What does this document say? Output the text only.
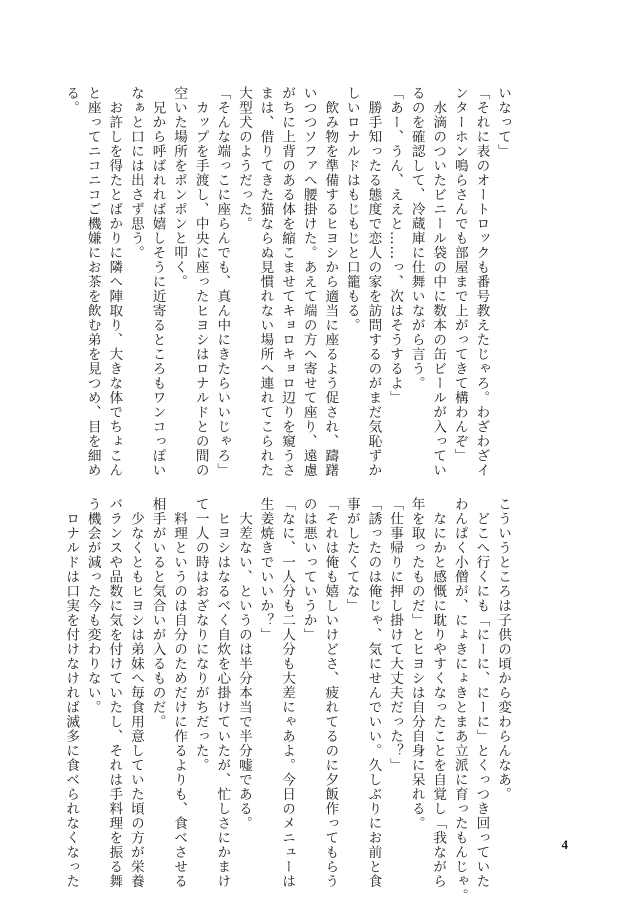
いなって」
「それに表のオートロックも番号教えたじゃろ。わざわざイ
ンターホン鳴らさんでも部屋まで上がってきて構わんぞ」
　水滴のついたビニール袋の中に数本の缶ビールが入ってい
るのを確認して、冷蔵庫に仕舞いながら言う。
「あー、うん、ええと……っ、次はそうするよ」
　勝手知ったる態度で恋人の家を訪問するのがまだ気恥ずか
しいロナルドはもじもじと口籠もる。
　飲み物を準備するヒヨシから適当に座るよう促され、躊躇
いつつソファへ腰掛けた。あえて端の方へ寄せて座り、遠慮
がちに上背のある体を縮こませてキョロキョロ辺りを窺うさ
まは、借りてきた猫ならぬ見慣れない場所へ連れてこられた
大型犬のようだった。
「そんな端っこに座らんでも、真ん中にきたらいいじゃろ」
　カップを手渡し、中央に座ったヒヨシはロナルドとの間の
空いた場所をポンポンと叩く。
　兄から呼ばれれば嬉しそうに近寄るところもワンコっぽい
なぁと口には出さず思う。
　お許しを得たとばかりに隣へ陣取り、大きな体でちょこん
と座ってニコニコご機嫌にお茶を飲む弟を見つめ、目を細め
る。
こういうところは子供の頃から変わらんなあ。
　どこへ行くにも「にーに、にーに」とくっつき回っていた
わんぱく小僧が、にょきにょきとまあ立派に育ったもんじゃ。
　なにかと感慨に耽りやすくなったことを自覚し「我ながら
年を取ったものだ」とヒヨシは自分自身に呆れる。
「仕事帰りに押し掛けて大丈夫だった？」
「誘ったのは俺じゃ、気にせんでいい。久しぶりにお前と食
事がしたくてな」
「それは俺も嬉しいけどさ、疲れてるのに夕飯作ってもらう
のは悪いっていうか」
「なに、一人分も二人分も大差にゃあよ。今日のメニューは
生姜焼きでいいか？」
　大差ない、というのは半分本当で半分嘘である。
　ヒヨシはなるべく自炊を心掛けていたが、忙しさにかまけ
て一人の時はおざなりになりがちだった。
　料理というのは自分のためだけに作るよりも、食べさせる
相手がいると気合いが入るものだ。
　少なくともヒヨシは弟妹へ毎食用意していた頃の方が栄養
バランスや品数に気を付けていたし、それは手料理を振る舞
う機会が減った今も変わりない。
　ロナルドは口実を付けなければ滅多に食べられなくなった	4
